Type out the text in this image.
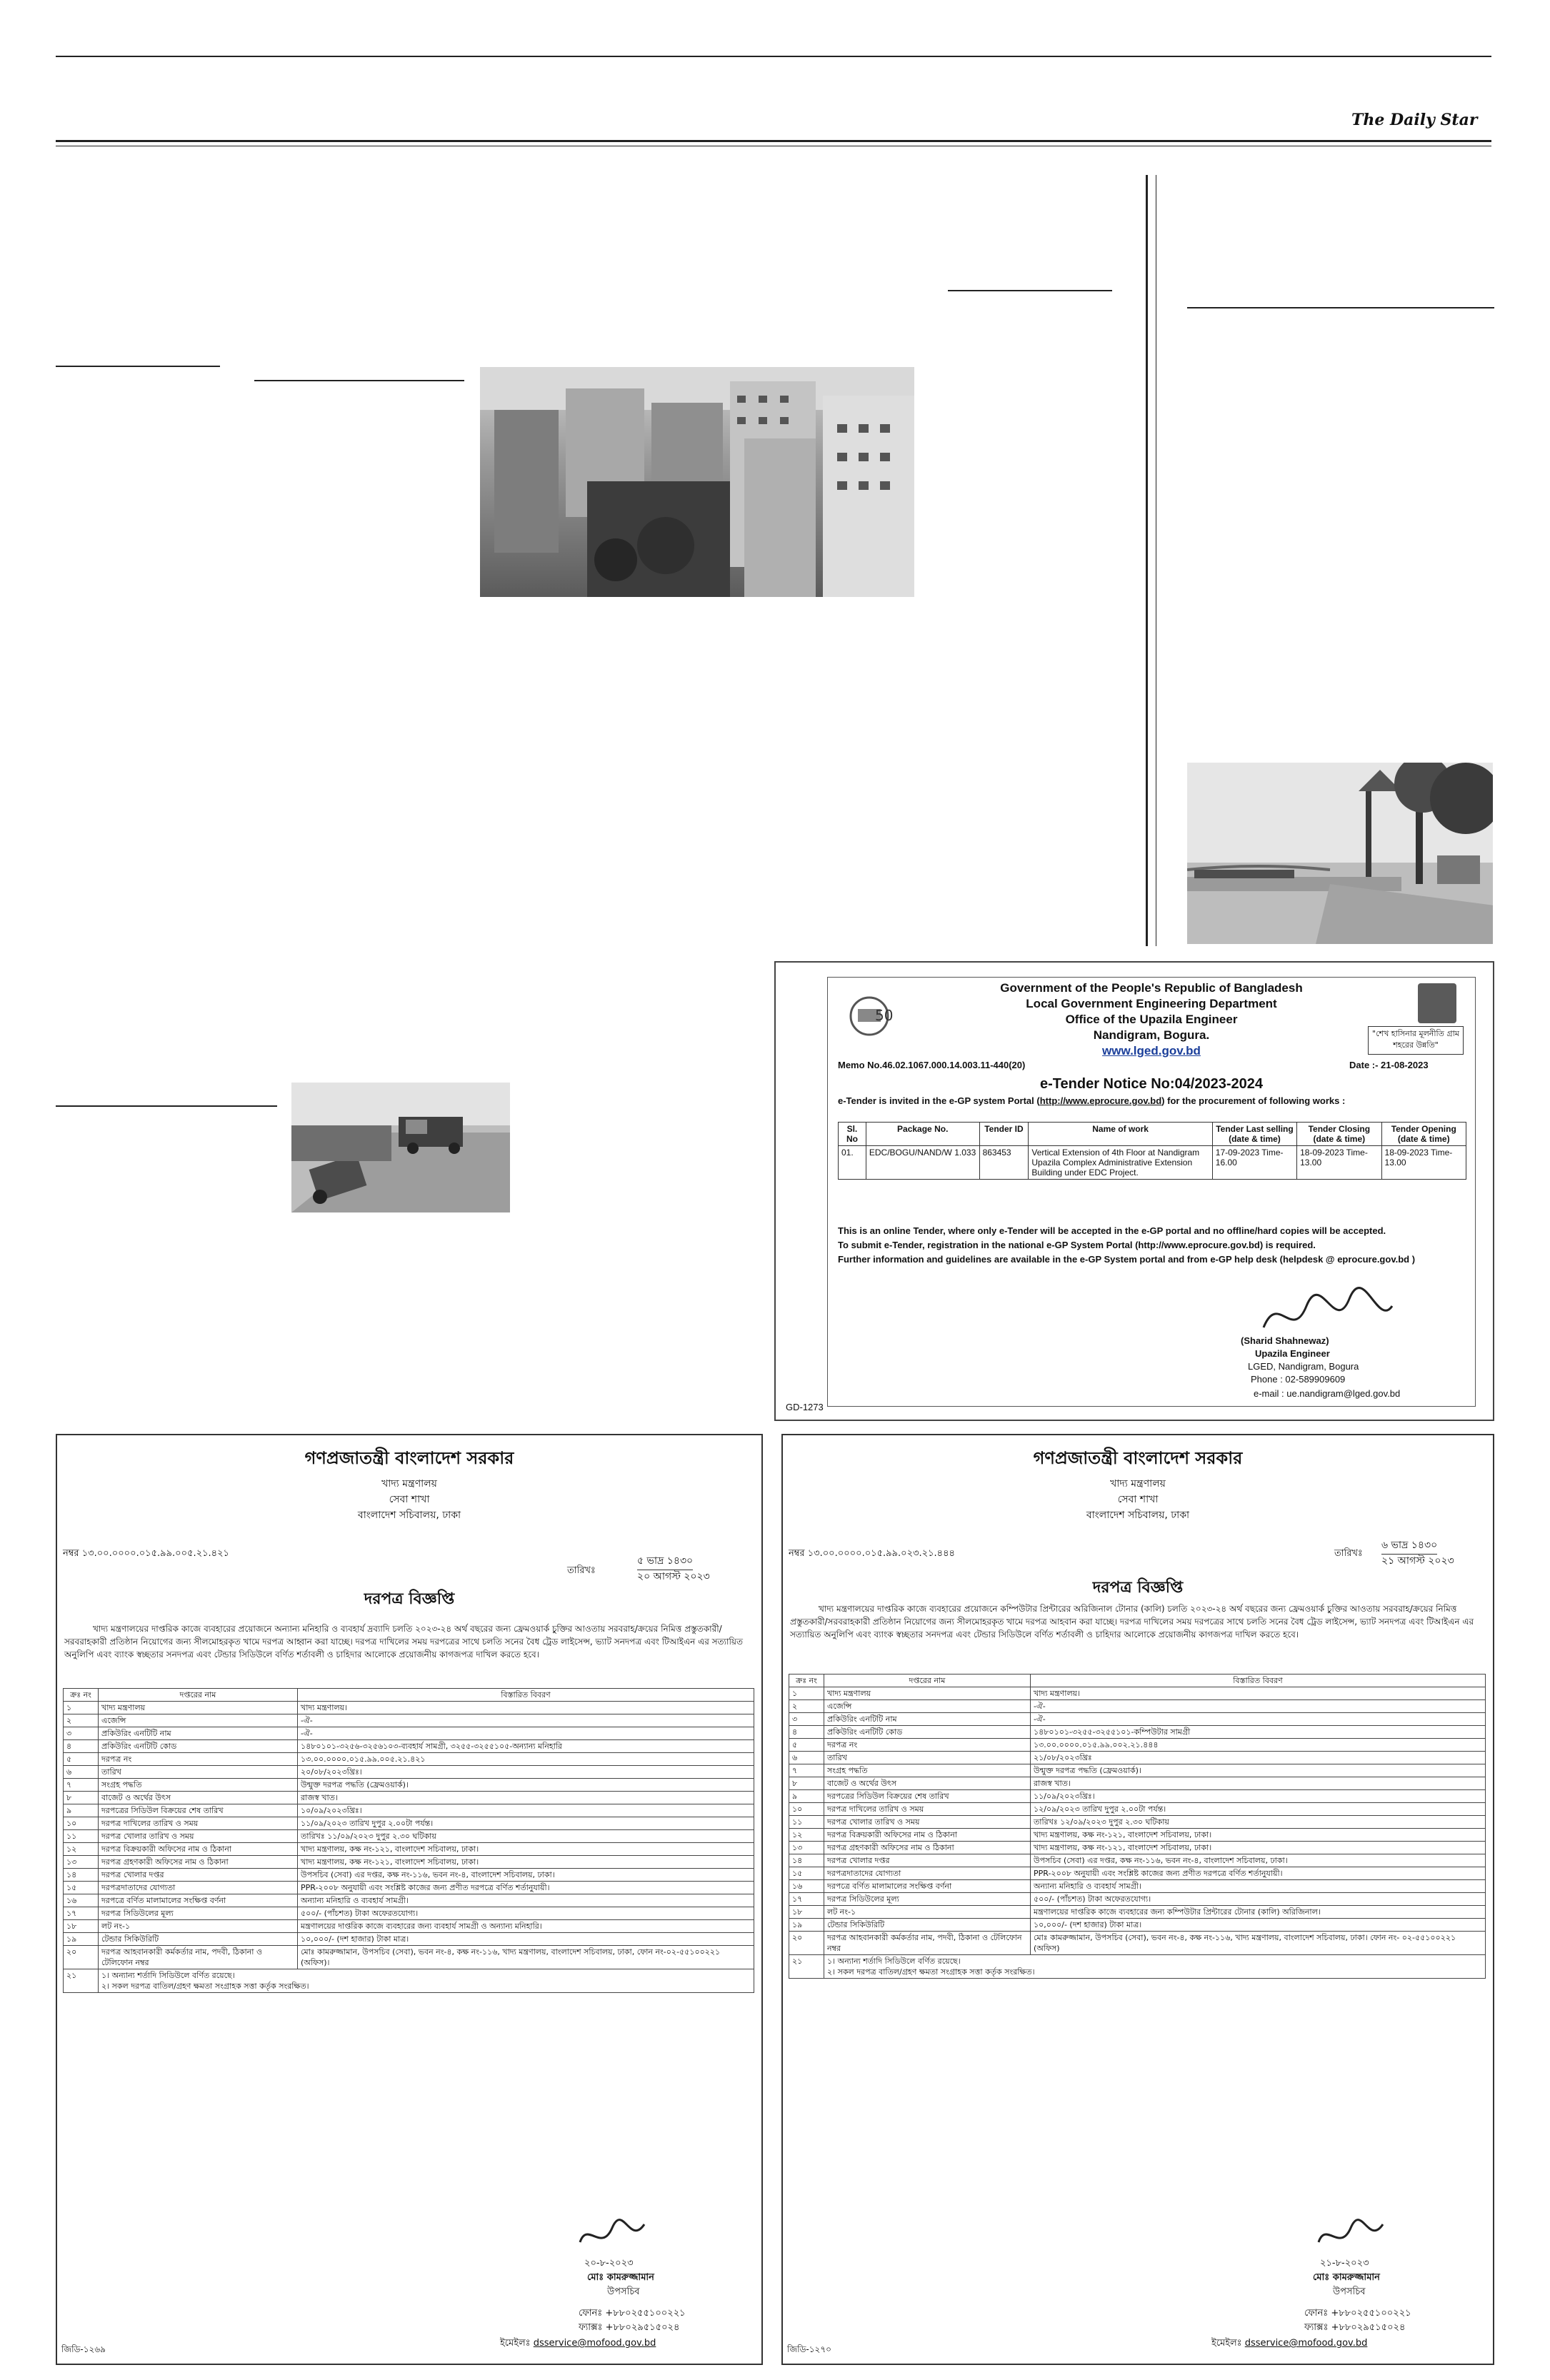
The Daily Star
50
Government of the People's Republic of Bangladesh
Local Government Engineering Department
Office of the Upazila Engineer
Nandigram, Bogura.
www.lged.gov.bd
"শেখ হাসিনার মূলনীতি গ্রাম শহরের উন্নতি"
Memo No.46.02.1067.000.14.003.11-440(20)	Date :- 21-08-2023
e-Tender Notice No:04/2023-2024
e-Tender is invited in the e-GP system Portal (http://www.eprocure.gov.bd) for the procurement of following works :
Sl. No	Package No.	Tender ID	Name of work	Tender Last selling (date & time)	Tender Closing (date & time)	Tender Opening (date & time)
01.	EDC/BOGU/NAND/W 1.033	863453	Vertical Extension of 4th Floor at Nandigram Upazila Complex Administrative Extension Building under EDC Project.	17-09-2023 Time-16.00	18-09-2023 Time-13.00	18-09-2023 Time-13.00
This is an online Tender, where only e-Tender will be accepted in the e-GP portal and no offline/hard copies will be accepted.
To submit e-Tender, registration in the national e-GP System Portal (http://www.eprocure.gov.bd) is required.
Further information and guidelines are available in the e-GP System portal and from e-GP help desk (helpdesk @ eprocure.gov.bd )
(Sharid Shahnewaz)
Upazila Engineer
LGED, Nandigram, Bogura
Phone : 02-589909609
e-mail : ue.nandigram@lged.gov.bd
GD-1273
গণপ্রজাতন্ত্রী বাংলাদেশ সরকার
খাদ্য মন্ত্রণালয়
সেবা শাখা
বাংলাদেশ সচিবালয়, ঢাকা
নম্বর ১৩.০০.০০০০.০১৫.৯৯.০০৫.২১.৪২১
তারিখঃ
৫ ভাদ্র ১৪৩০
২০ আগস্ট ২০২৩
দরপত্র বিজ্ঞপ্তি
খাদ্য মন্ত্রণালয়ের দাপ্তরিক কাজে ব্যবহারের প্রয়োজনে অন্যান্য মনিহারি ও ব্যবহার্য দ্রব্যাদি চলতি ২০২৩-২৪ অর্থ বছরের জন্য ফ্রেমওয়ার্ক চুক্তির আওতায় সরবরাহ/ক্রয়ের নিমিত্ত প্রস্তুতকারী/সরবরাহকারী প্রতিষ্ঠান নিয়োগের জন্য সীলমোহরকৃত খামে দরপত্র আহ্বান করা যাচ্ছে। দরপত্র দাখিলের সময় দরপত্রের সাথে চলতি সনের বৈধ ট্রেড লাইসেন্স, ভ্যাট সনদপত্র এবং টিআইএন এর সত্যায়িত অনুলিপি এবং ব্যাংক স্বচ্ছতার সনদপত্র এবং টেন্ডার সিডিউলে বর্ণিত শর্তাবলী ও চাহিদার আলোকে প্রয়োজনীয় কাগজপত্র দাখিল করতে হবে।
ক্রঃ নং	দপ্তরের নাম	বিস্তারিত বিবরণ
১	খাদ্য মন্ত্রণালয়	খাদ্য মন্ত্রণালয়।
২	এজেন্সি	-ঐ-
৩	প্রকিউরিং এনটিটি নাম	-ঐ-
৪	প্রকিউরিং এনটিটি কোড	১৪৮০১০১-৩২৫৬-৩২৫৬১০৩-ব্যবহার্য সামগ্রী, ৩২৫৫-৩২৫৫১০৫-অন্যান্য মনিহারি
৫	দরপত্র নং	১৩.০০.০০০০.০১৫.৯৯.০০৫.২১.৪২১
৬	তারিখ	২০/০৮/২০২৩খ্রিঃ।
৭	সংগ্রহ পদ্ধতি	উন্মুক্ত দরপত্র পদ্ধতি (ফ্রেমওয়ার্ক)।
৮	বাজেট ও অর্থের উৎস	রাজস্ব খাত।
৯	দরপত্রের সিডিউল বিক্রয়ের শেষ তারিখ	১০/০৯/২০২৩খ্রিঃ।
১০	দরপত্র দাখিলের তারিখ ও সময়	১১/০৯/২০২৩ তারিখ দুপুর ২.০০টা পর্যন্ত।
১১	দরপত্র খোলার তারিখ ও সময়	তারিখঃ ১১/০৯/২০২৩ দুপুর ২.৩০ ঘটিকায়
১২	দরপত্র বিক্রয়কারী অফিসের নাম ও ঠিকানা	খাদ্য মন্ত্রণালয়, কক্ষ নং-১২১, বাংলাদেশ সচিবালয়, ঢাকা।
১৩	দরপত্র গ্রহণকারী অফিসের নাম ও ঠিকানা	খাদ্য মন্ত্রণালয়, কক্ষ নং-১২১, বাংলাদেশ সচিবালয়, ঢাকা।
১৪	দরপত্র খোলার দপ্তর	উপসচিব (সেবা) এর দপ্তর, কক্ষ নং-১১৬, ভবন নং-৪, বাংলাদেশ সচিবালয়, ঢাকা।
১৫	দরপত্রদাতাদের যোগ্যতা	PPR-২০০৮ অনুযায়ী এবং সংশ্লিষ্ট কাজের জন্য প্রণীত দরপত্রে বর্ণিত শর্তানুযায়ী।
১৬	দরপত্রে বর্ণিত মালামালের সংক্ষিপ্ত বর্ণনা	অন্যান্য মনিহারি ও ব্যবহার্য সামগ্রী।
১৭	দরপত্র সিডিউলের মূল্য	৫০০/- (পাঁচশত) টাকা অফেরতযোগ্য।
১৮	লট নং-১	মন্ত্রণালয়ের দাপ্তরিক কাজে ব্যবহারের জন্য ব্যবহার্য সামগ্রী ও অন্যান্য মনিহারি।
১৯	টেন্ডার সিকিউরিটি	১০,০০০/- (দশ হাজার) টাকা মাত্র।
২০	দরপত্র আহবানকারী কর্মকর্তার নাম, পদবী, ঠিকানা ও টেলিফোন নম্বর	মোঃ কামরুজ্জামান, উপসচিব (সেবা), ভবন নং-৪, কক্ষ নং-১১৬, খাদ্য মন্ত্রণালয়, বাংলাদেশ সচিবালয়, ঢাকা, ফোন নং-০২-৫৫১০০২২১ (অফিস)।
২১	১। অন্যান্য শর্তাদি সিডিউলে বর্ণিত রয়েছে।
২। সকল দরপত্র বাতিল/গ্রহণ ক্ষমতা সংগ্রাহক সত্তা কর্তৃক সংরক্ষিত।	
২০-৮-২০২৩
মোঃ কামরুজ্জামান
উপসচিব
ফোনঃ +৮৮০২৫৫১০০২২১
ফ্যাক্সঃ +৮৮০২৯৫১৫০২৪
ইমেইলঃ dsservice@mofood.gov.bd
জিডি-১২৬৯
গণপ্রজাতন্ত্রী বাংলাদেশ সরকার
খাদ্য মন্ত্রণালয়
সেবা শাখা
বাংলাদেশ সচিবালয়, ঢাকা
নম্বর ১৩.০০.০০০০.০১৫.৯৯.০২৩.২১.৪৪৪	তারিখঃ
৬ ভাদ্র ১৪৩০
২১ আগস্ট ২০২৩
দরপত্র বিজ্ঞপ্তি
খাদ্য মন্ত্রণালয়ের দাপ্তরিক কাজে ব্যবহারের প্রয়োজনে কম্পিউটার প্রিন্টারের অরিজিনাল টোনার (কালি) চলতি ২০২৩-২৪ অর্থ বছরের জন্য ফ্রেমওয়ার্ক চুক্তির আওতায় সরবরাহ/ক্রয়ের নিমিত্ত প্রস্তুতকারী/সরবরাহকারী প্রতিষ্ঠান নিয়োগের জন্য সীলমোহরকৃত খামে দরপত্র আহবান করা যাচ্ছে। দরপত্র দাখিলের সময় দরপত্রের সাথে চলতি সনের বৈধ ট্রেড লাইসেন্স, ভ্যাট সনদপত্র এবং টিআইএন এর সত্যায়িত অনুলিপি এবং ব্যাংক স্বচ্ছতার সনদপত্র এবং টেন্ডার সিডিউলে বর্ণিত শর্তাবলী ও চাহিদার আলোকে প্রয়োজনীয় কাগজপত্র দাখিল করতে হবে।
ক্রঃ নং	দপ্তরের নাম	বিস্তারিত বিবরণ
১	খাদ্য মন্ত্রণালয়	খাদ্য মন্ত্রণালয়।
২	এজেন্সি	-ঐ-
৩	প্রকিউরিং এনটিটি নাম	-ঐ-
৪	প্রকিউরিং এনটিটি কোড	১৪৮০১০১-৩২৫৫-৩২৫৫১০১-কম্পিউটার সামগ্রী
৫	দরপত্র নং	১৩.০০.০০০০.০১৫.৯৯.০০২.২১.৪৪৪
৬	তারিখ	২১/০৮/২০২৩খ্রিঃ
৭	সংগ্রহ পদ্ধতি	উন্মুক্ত দরপত্র পদ্ধতি (ফ্রেমওয়ার্ক)।
৮	বাজেট ও অর্থের উৎস	রাজস্ব খাত।
৯	দরপত্রের সিডিউল বিক্রয়ের শেষ তারিখ	১১/০৯/২০২৩খ্রিঃ।
১০	দরপত্র দাখিলের তারিখ ও সময়	১২/০৯/২০২৩ তারিখ দুপুর ২.০০টা পর্যন্ত।
১১	দরপত্র খোলার তারিখ ও সময়	তারিখঃ ১২/০৯/২০২৩ দুপুর ২.৩০ ঘটিকায়
১২	দরপত্র বিক্রয়কারী অফিসের নাম ও ঠিকানা	খাদ্য মন্ত্রণালয়, কক্ষ নং-১২১, বাংলাদেশ সচিবালয়, ঢাকা।
১৩	দরপত্র গ্রহণকারী অফিসের নাম ও ঠিকানা	খাদ্য মন্ত্রণালয়, কক্ষ নং-১২১, বাংলাদেশ সচিবালয়, ঢাকা।
১৪	দরপত্র খোলার দপ্তর	উপসচিব (সেবা) এর দপ্তর, কক্ষ নং-১১৬, ভবন নং-৪, বাংলাদেশ সচিবালয়, ঢাকা।
১৫	দরপত্রদাতাদের যোগ্যতা	PPR-২০০৮ অনুযায়ী এবং সংশ্লিষ্ট কাজের জন্য প্রণীত দরপত্রে বর্ণিত শর্তানুযায়ী।
১৬	দরপত্রে বর্ণিত মালামালের সংক্ষিপ্ত বর্ণনা	অন্যান্য মনিহারি ও ব্যবহার্য সামগ্রী।
১৭	দরপত্র সিডিউলের মূল্য	৫০০/- (পাঁচশত) টাকা অফেরতযোগ্য।
১৮	লট নং-১	মন্ত্রণালয়ের দাপ্তরিক কাজে ব্যবহারের জন্য কম্পিউটার প্রিন্টারের টোনার (কালি) অরিজিনাল।
১৯	টেন্ডার সিকিউরিটি	১০,০০০/- (দশ হাজার) টাকা মাত্র।
২০	দরপত্র আহবানকারী কর্মকর্তার নাম, পদবী, ঠিকানা ও টেলিফোন নম্বর	মোঃ কামরুজ্জামান, উপসচিব (সেবা), ভবন নং-৪, কক্ষ নং-১১৬, খাদ্য মন্ত্রণালয়, বাংলাদেশ সচিবালয়, ঢাকা। ফোন নং- ০২-৫৫১০০২২১ (অফিস)
২১	১। অন্যান্য শর্তাদি সিডিউলে বর্ণিত রয়েছে।
২। সকল দরপত্র বাতিল/গ্রহণ ক্ষমতা সংগ্রাহক সত্তা কর্তৃক সংরক্ষিত।	
২১-৮-২০২৩
মোঃ কামরুজ্জামান
উপসচিব
ফোনঃ +৮৮০২৫৫১০০২২১
ফ্যাক্সঃ +৮৮০২৯৫১৫০২৪
ইমেইলঃ dsservice@mofood.gov.bd
জিডি-১২৭০
